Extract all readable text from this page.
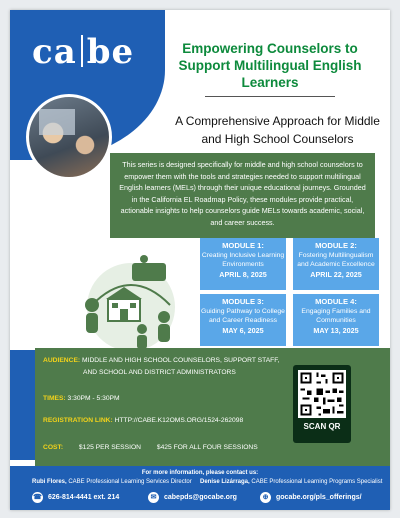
ca be	Empowering Counselors to Support Multilingual English Learners
A Comprehensive Approach for Middle and High School Counselors
This series is designed specifically for middle and high school counselors to empower them with the tools and strategies needed to support multilingual English learners (MELs) through their unique educational journeys. Grounded in the California EL Roadmap Policy, these modules provide practical, actionable insights to help counselors guide MELs towards academic, social, and career success.
MODULE 1:
Creating Inclusive Learning Environments
APRIL 8, 2025
MODULE 2:
Fostering Multilingualism and Academic Excellence
APRIL 22, 2025
MODULE 3:
Guiding Pathway to College and Career Readiness
MAY 6, 2025
MODULE 4:
Engaging Families and Communities
MAY 13, 2025
AUDIENCE: MIDDLE AND HIGH SCHOOL COUNSELORS, SUPPORT STAFF,
AND SCHOOL AND DISTRICT ADMINISTRATORS
TIMES: 3:30PM - 5:30PM
REGISTRATION LINK: HTTP://CABE.K12OMS.ORG/1524-262098
COST: $125 PER SESSION $425 FOR ALL FOUR SESSIONS
SCAN QR
For more information, please contact us:
Rubi Flores, CABE Professional Learning Services Director Denise Lizárraga, CABE Professional Learning Programs Specialist
☎ 626-814-4441 ext. 214	✉	cabepds@gocabe.org	⊕	gocabe.org/pls_offerings/
